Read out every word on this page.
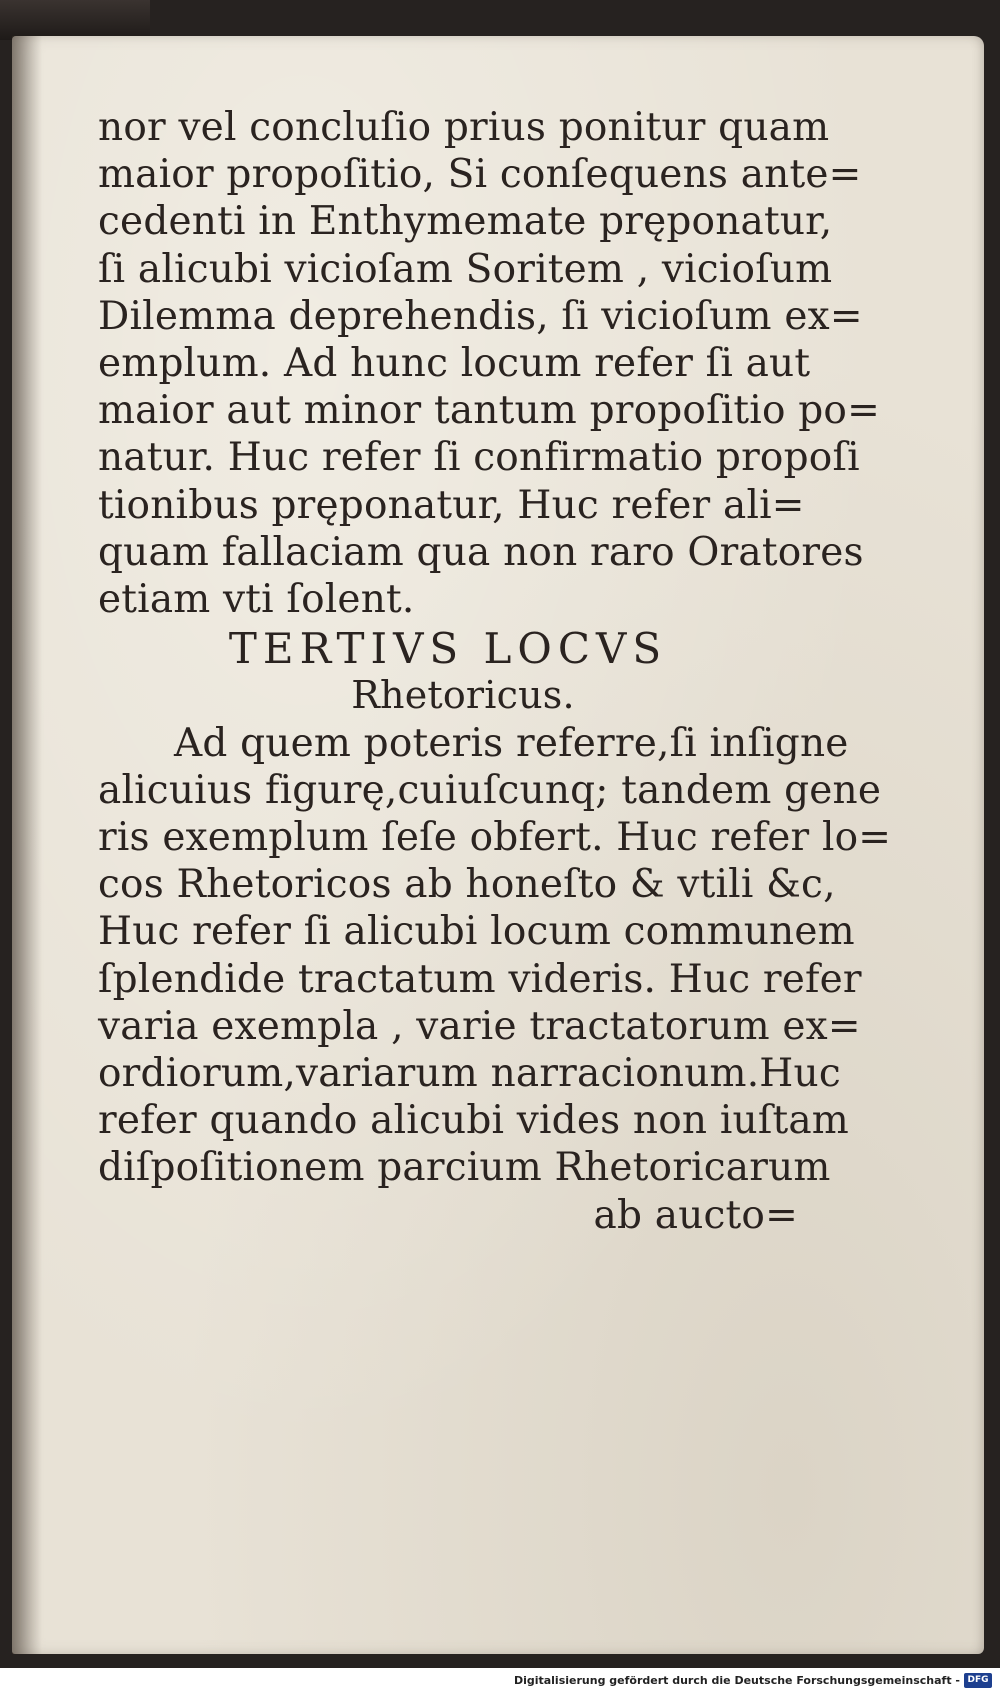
nor vel concluſio prius ponitur quam
maior propoſitio, Si conſequens ante=
cedenti in Enthymemate pręponatur,
ſi alicubi vicioſam Soritem , vicioſum
Dilemma deprehendis, ſi vicioſum ex=
emplum. Ad hunc locum refer ſi aut
maior aut minor tantum propoſitio po=
natur. Huc refer ſi confirmatio propoſi
tionibus pręponatur, Huc refer ali=
quam fallaciam qua non raro Oratores
etiam vti ſolent.
TERTIVS LOCVS
Rhetoricus.
Ad quem poteris referre,ſi inſigne
alicuius figurę,cuiuſcunq; tandem gene
ris exemplum ſeſe obfert. Huc refer lo=
cos Rhetoricos ab honeſto & vtili &c,
Huc refer ſi alicubi locum communem
ſplendide tractatum videris. Huc refer
varia exempla , varie tractatorum ex=
ordiorum,variarum narracionum.Huc
refer quando alicubi vides non iuſtam
diſpoſitionem parcium Rhetoricarum
ab aucto=
Digitalisierung gefördert durch die Deutsche Forschungsgemeinschaft - DFG
